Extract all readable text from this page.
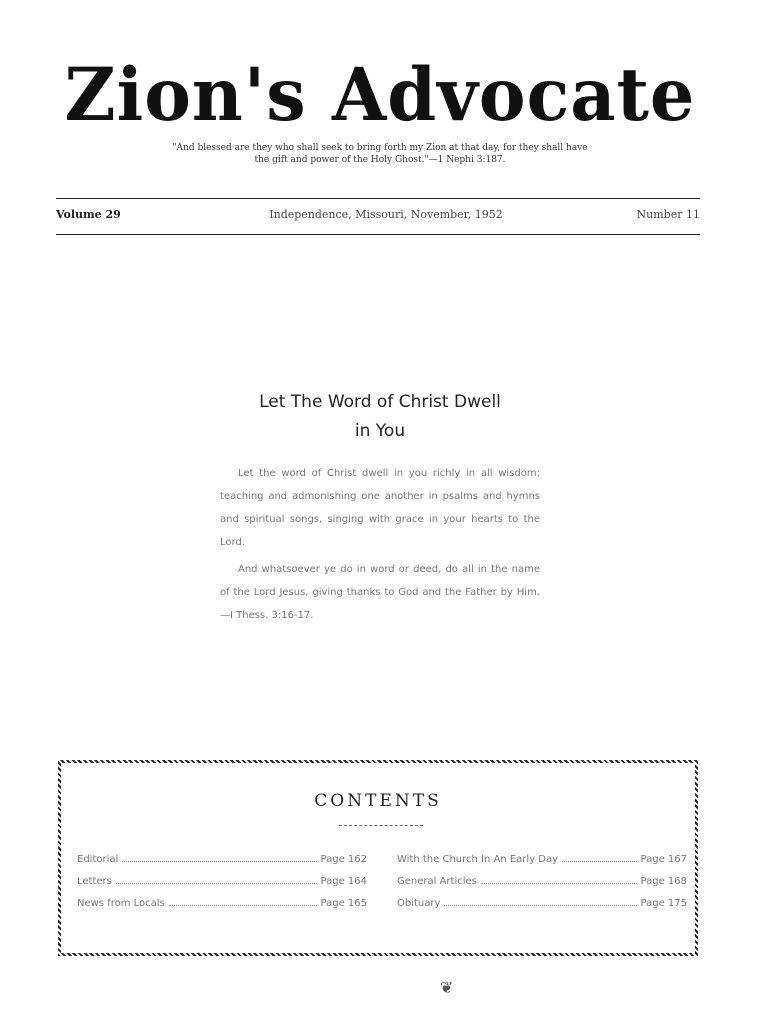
Zion's Advocate
"And blessed are they who shall seek to bring forth my Zion at that day, for they shall have the gift and power of the Holy Ghost."—1 Nephi 3:187.
Volume 29	Independence, Missouri, November, 1952	Number 11
Let The Word of Christ Dwell
in You

Let the word of Christ dwell in you richly in all wisdom; teaching and admonishing one another in psalms and hymns and spiritual songs, singing with grace in your hearts to the Lord.

And whatsoever ye do in word or deed, do all in the name of the Lord Jesus, giving thanks to God and the Father by Him.—I Thess. 3:16-17.

CONTENTS
Editorial	Page 162
Letters	Page 164
News from Locals	Page 165
With the Church In An Early Day	Page 167
General Articles	Page 168
Obituary	Page 175
❦
